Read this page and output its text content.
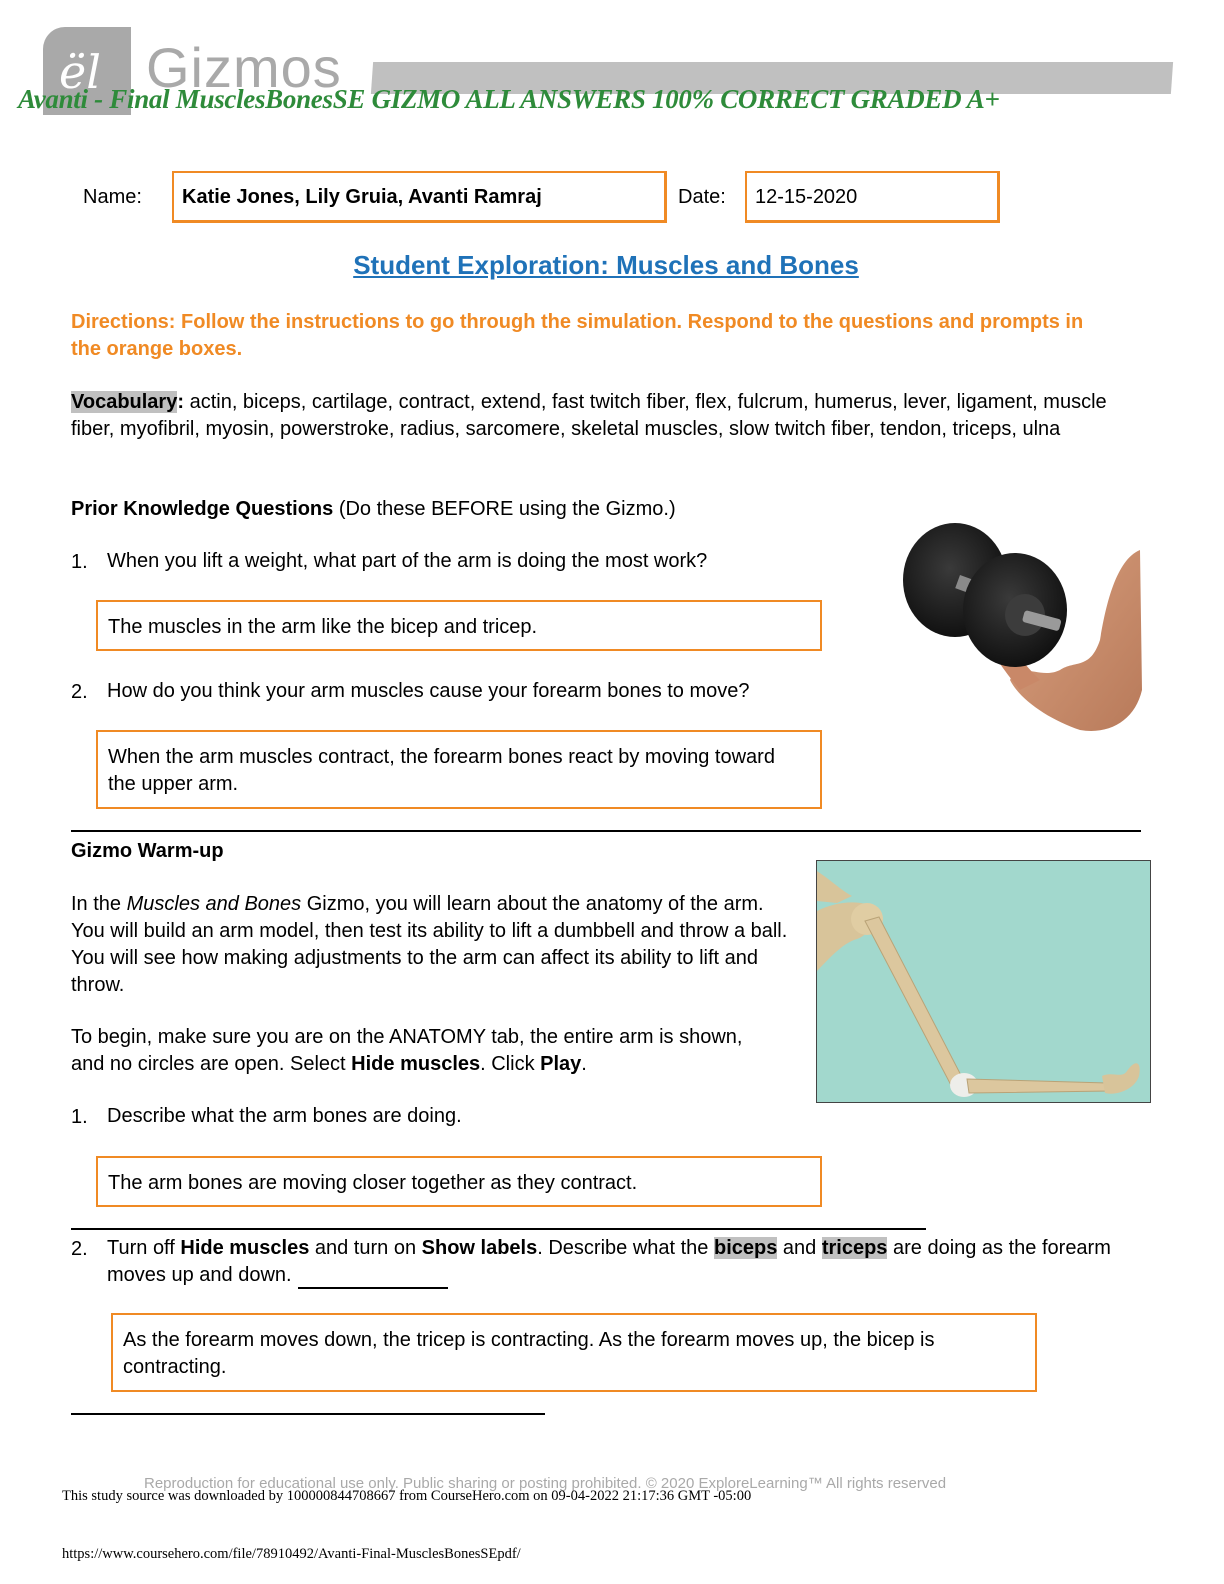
ël Gizmos
Avanti - Final MusclesBonesSE GIZMO ALL ANSWERS 100% CORRECT GRADED A+
Name:	Katie Jones, Lily Gruia, Avanti Ramraj	Date:	12-15-2020
Student Exploration: Muscles and Bones
Directions: Follow the instructions to go through the simulation. Respond to the questions and prompts in the orange boxes.
Vocabulary: actin, biceps, cartilage, contract, extend, fast twitch fiber, flex, fulcrum, humerus, lever, ligament, muscle fiber, myofibril, myosin, powerstroke, radius, sarcomere, skeletal muscles, slow twitch fiber, tendon, triceps, ulna
Prior Knowledge Questions (Do these BEFORE using the Gizmo.)
1. When you lift a weight, what part of the arm is doing the most work?
The muscles in the arm like the bicep and tricep.
2. How do you think your arm muscles cause your forearm bones to move?
When the arm muscles contract, the forearm bones react by moving toward the upper arm.
Gizmo Warm-up
In the Muscles and Bones Gizmo, you will learn about the anatomy of the arm. You will build an arm model, then test its ability to lift a dumbbell and throw a ball. You will see how making adjustments to the arm can affect its ability to lift and throw.
To begin, make sure you are on the ANATOMY tab, the entire arm is shown, and no circles are open. Select Hide muscles. Click Play.
1. Describe what the arm bones are doing.
The arm bones are moving closer together as they contract.
2. Turn off Hide muscles and turn on Show labels. Describe what the biceps and triceps are doing as the forearm moves up and down.
As the forearm moves down, the tricep is contracting. As the forearm moves up, the bicep is contracting.
Reproduction for educational use only. Public sharing or posting prohibited. © 2020 ExploreLearning™ All rights reserved
This study source was downloaded by 100000844708667 from CourseHero.com on 09-04-2022 21:17:36 GMT -05:00
https://www.coursehero.com/file/78910492/Avanti-Final-MusclesBonesSEpdf/
